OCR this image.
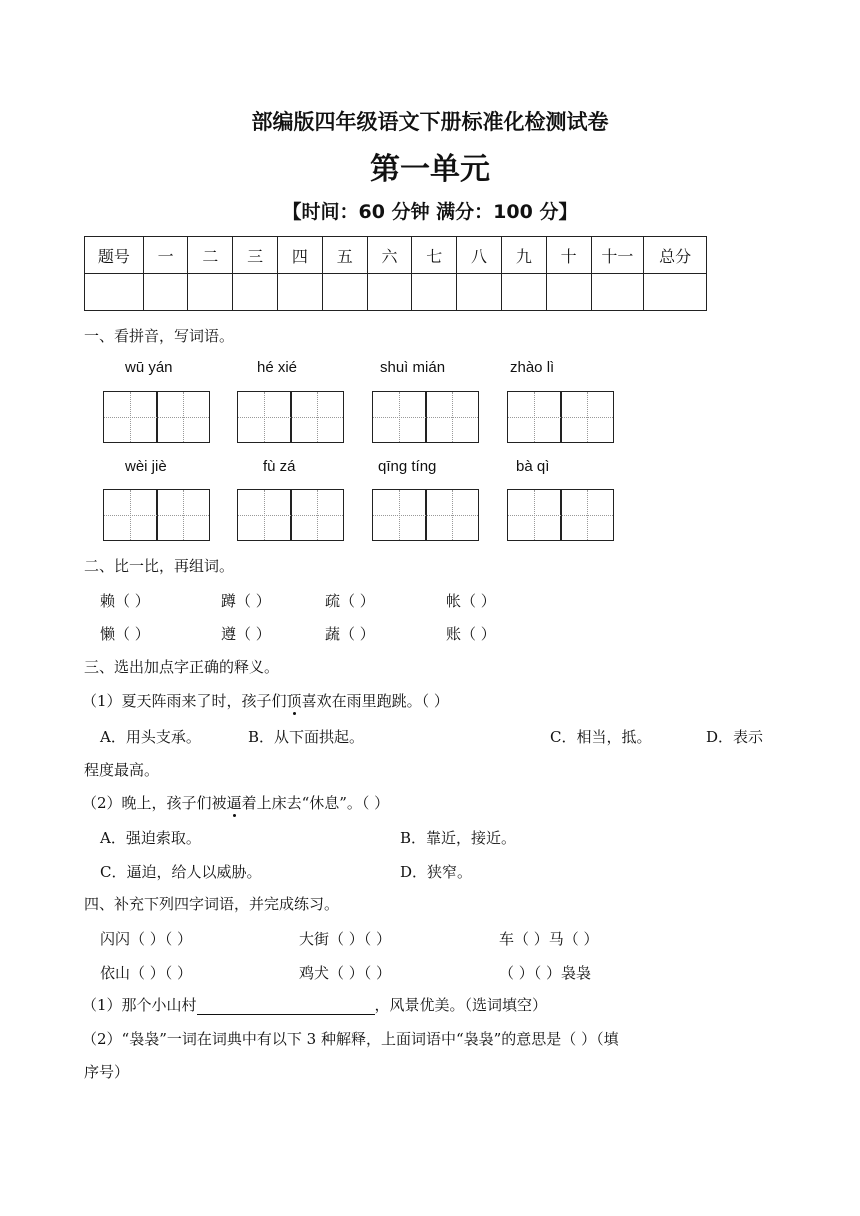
部编版四年级语文下册标准化检测试卷
第一单元
【时间：60 分钟 满分：100 分】
题号	一	二	三	四	五	六	七	八	九	十	十一	总分

一、看拼音，写词语。
wū yán	hé xié	shuì mián	zhào lì
wèi jiè	fù zá	qīng tíng	bà qì
二、比一比，再组词。
赖（ ）	蹲（ ）	疏（ ）	帐（ ）
懒（ ）	遵（ ）	蔬（ ）	账（ ）
三、选出加点字正确的释义。
（1）夏天阵雨来了时，孩子们顶喜欢在雨里跑跳。（ ）
A．用头支承。	B．从下面拱起。	C．相当，抵。	D．表示
程度最高。
（2）晚上，孩子们被逼着上床去“休息”。（ ）
A．强迫索取。	B．靠近，接近。
C．逼迫，给人以威胁。	D．狭窄。
四、补充下列四字词语，并完成练习。
闪闪（ ）（ ）	大街（ ）（ ）	车（ ）马（ ）
依山（ ）（ ）	鸡犬（ ）（ ）	（ ）（ ）袅袅
（1）那个小山村	，风景优美。（选词填空）
（2）“袅袅”一词在词典中有以下 3 种解释，上面词语中“袅袅”的意思是（ ）（填
序号）
